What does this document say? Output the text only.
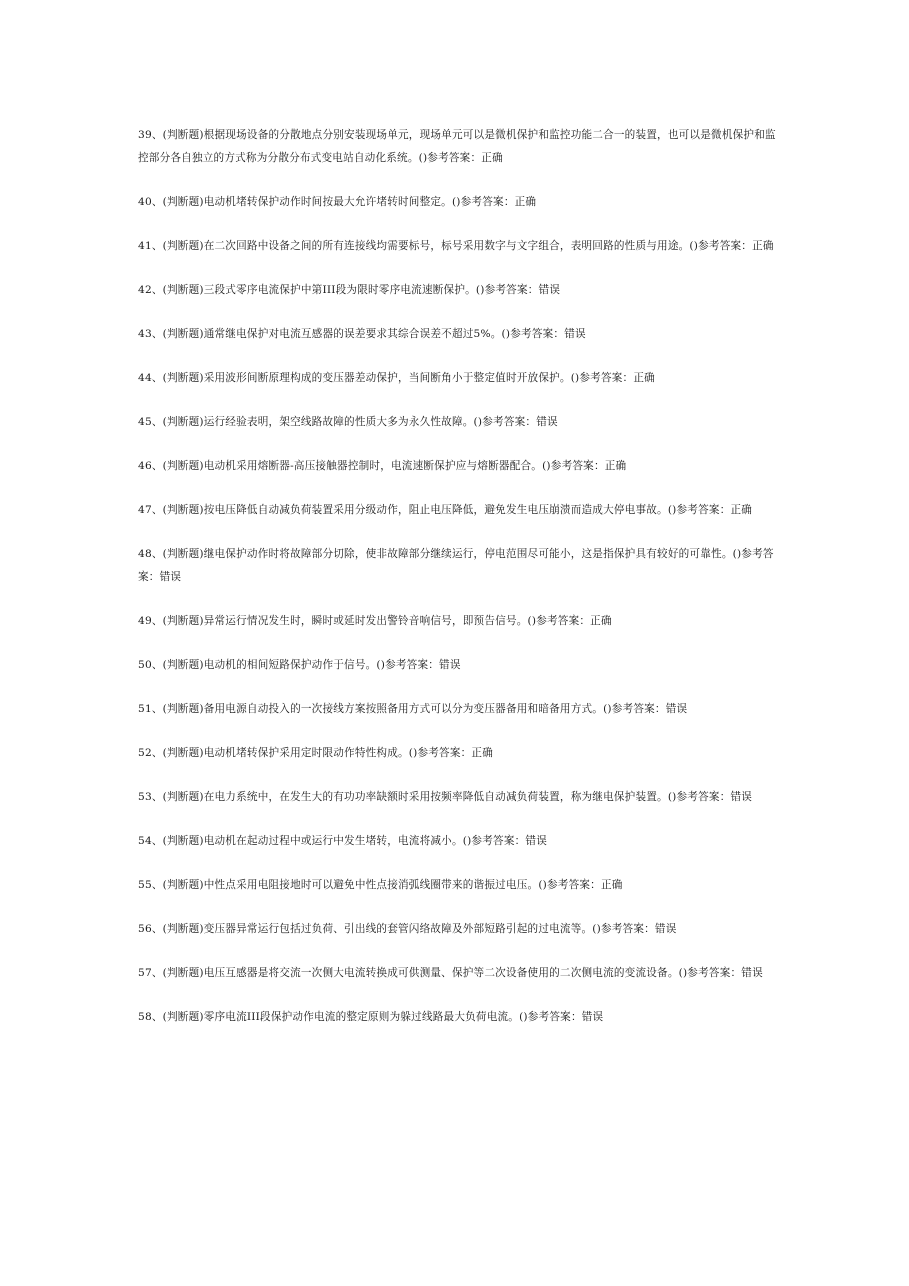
39、(判断题)根据现场设备的分散地点分别安装现场单元，现场单元可以是微机保护和监控功能二合一的装置，也可以是微机保护和监控部分各自独立的方式称为分散分布式变电站自动化系统。()参考答案：正确
40、(判断题)电动机堵转保护动作时间按最大允许堵转时间整定。()参考答案：正确
41、(判断题)在二次回路中设备之间的所有连接线均需要标号，标号采用数字与文字组合，表明回路的性质与用途。()参考答案：正确
42、(判断题)三段式零序电流保护中第III段为限时零序电流速断保护。()参考答案：错误
43、(判断题)通常继电保护对电流互感器的误差要求其综合误差不超过5%。()参考答案：错误
44、(判断题)采用波形间断原理构成的变压器差动保护，当间断角小于整定值时开放保护。()参考答案：正确
45、(判断题)运行经验表明，架空线路故障的性质大多为永久性故障。()参考答案：错误
46、(判断题)电动机采用熔断器-高压接触器控制时，电流速断保护应与熔断器配合。()参考答案：正确
47、(判断题)按电压降低自动减负荷装置采用分级动作，阻止电压降低，避免发生电压崩溃而造成大停电事故。()参考答案：正确
48、(判断题)继电保护动作时将故障部分切除，使非故障部分继续运行，停电范围尽可能小，这是指保护具有较好的可靠性。()参考答案：错误
49、(判断题)异常运行情况发生时，瞬时或延时发出警铃音响信号，即预告信号。()参考答案：正确
50、(判断题)电动机的相间短路保护动作于信号。()参考答案：错误
51、(判断题)备用电源自动投入的一次接线方案按照备用方式可以分为变压器备用和暗备用方式。()参考答案：错误
52、(判断题)电动机堵转保护采用定时限动作特性构成。()参考答案：正确
53、(判断题)在电力系统中，在发生大的有功功率缺额时采用按频率降低自动减负荷装置，称为继电保护装置。()参考答案：错误
54、(判断题)电动机在起动过程中或运行中发生堵转，电流将减小。()参考答案：错误
55、(判断题)中性点采用电阻接地时可以避免中性点接消弧线圈带来的谐振过电压。()参考答案：正确
56、(判断题)变压器异常运行包括过负荷、引出线的套管闪络故障及外部短路引起的过电流等。()参考答案：错误
57、(判断题)电压互感器是将交流一次侧大电流转换成可供测量、保护等二次设备使用的二次侧电流的变流设备。()参考答案：错误
58、(判断题)零序电流III段保护动作电流的整定原则为躲过线路最大负荷电流。()参考答案：错误
